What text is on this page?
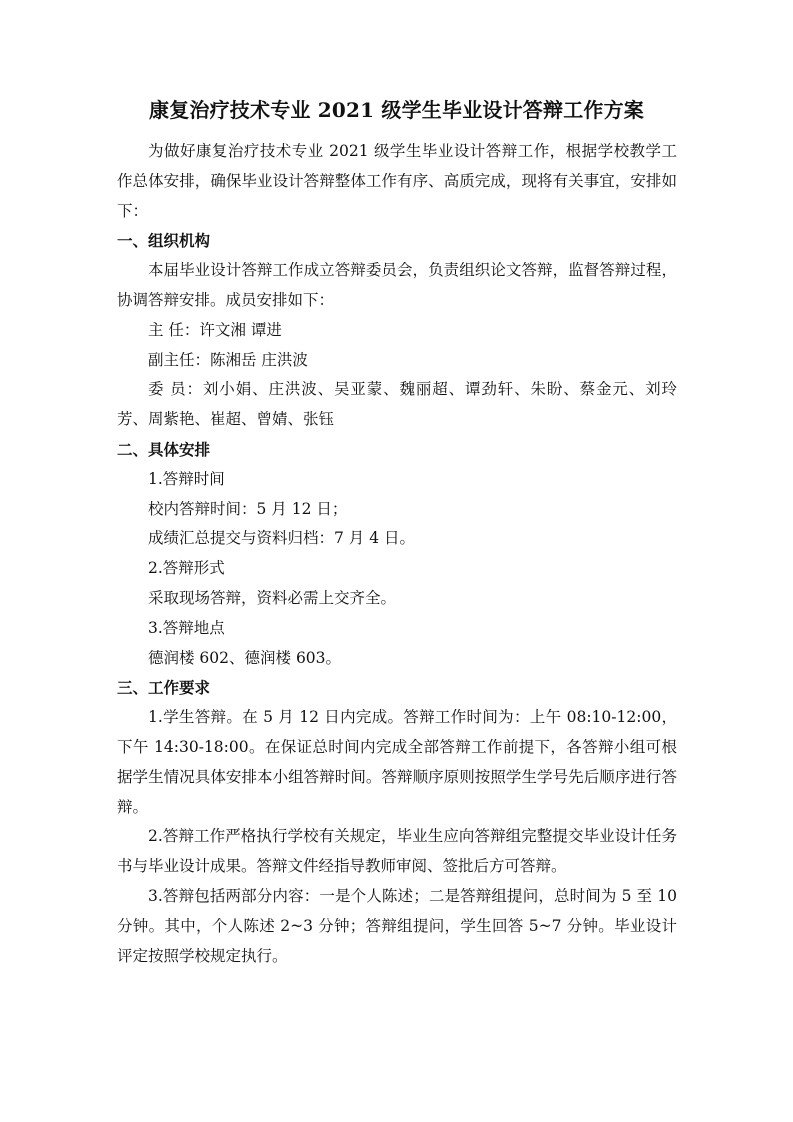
康复治疗技术专业 2021 级学生毕业设计答辩工作方案

为做好康复治疗技术专业 2021 级学生毕业设计答辩工作，根据学校教学工作总体安排，确保毕业设计答辩整体工作有序、高质完成，现将有关事宜，安排如下：

一、组织机构

本届毕业设计答辩工作成立答辩委员会，负责组织论文答辩，监督答辩过程，协调答辩安排。成员安排如下：

主 任：许文湘 谭进

副主任：陈湘岳 庄洪波

委 员：刘小娟、庄洪波、吴亚蒙、魏丽超、谭劲轩、朱盼、蔡金元、刘玲芳、周紫艳、崔超、曾婧、张钰

二、具体安排

1.答辩时间

校内答辩时间：5 月 12 日；

成绩汇总提交与资料归档：7 月 4 日。

2.答辩形式

采取现场答辩，资料必需上交齐全。

3.答辩地点

德润楼 602、德润楼 603。

三、工作要求

1.学生答辩。在 5 月 12 日内完成。答辩工作时间为：上午 08:10-12:00，下午 14:30-18:00。在保证总时间内完成全部答辩工作前提下，各答辩小组可根据学生情况具体安排本小组答辩时间。答辩顺序原则按照学生学号先后顺序进行答辩。

2.答辩工作严格执行学校有关规定，毕业生应向答辩组完整提交毕业设计任务书与毕业设计成果。答辩文件经指导教师审阅、签批后方可答辩。

3.答辩包括两部分内容：一是个人陈述；二是答辩组提问，总时间为 5 至 10 分钟。其中，个人陈述 2~3 分钟；答辩组提问，学生回答 5~7 分钟。毕业设计评定按照学校规定执行。
